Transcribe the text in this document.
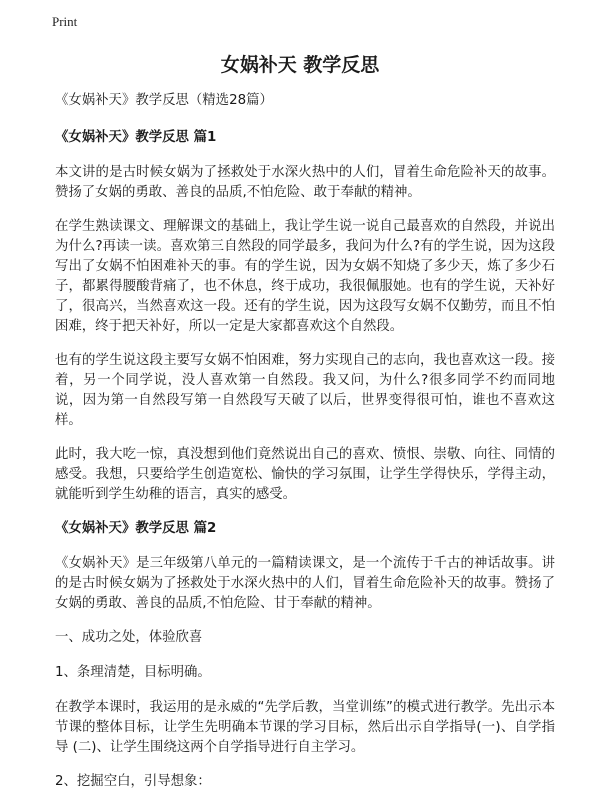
Print
女娲补天 教学反思

《女娲补天》教学反思（精选28篇）

《女娲补天》教学反思 篇1

本文讲的是古时候女娲为了拯救处于水深火热中的人们，冒着生命危险补天的故事。赞扬了女娲的勇敢、善良的品质,不怕危险、敢于奉献的精神。

在学生熟读课文、理解课文的基础上，我让学生说一说自己最喜欢的自然段，并说出为什么?再读一读。喜欢第三自然段的同学最多，我问为什么?有的学生说，因为这段写出了女娲不怕困难补天的事。有的学生说，因为女娲不知烧了多少天，炼了多少石子，都累得腰酸背痛了，也不休息，终于成功，我很佩服她。也有的学生说，天补好了，很高兴，当然喜欢这一段。还有的学生说，因为这段写女娲不仅勤劳，而且不怕困难，终于把天补好，所以一定是大家都喜欢这个自然段。

也有的学生说这段主要写女娲不怕困难，努力实现自己的志向，我也喜欢这一段。接着，另一个同学说，没人喜欢第一自然段。我又问，为什么?很多同学不约而同地说，因为第一自然段写第一自然段写天破了以后，世界变得很可怕，谁也不喜欢这样。

此时，我大吃一惊，真没想到他们竟然说出自己的喜欢、愤恨、崇敬、向往、同情的感受。我想，只要给学生创造宽松、愉快的学习氛围，让学生学得快乐，学得主动，就能听到学生幼稚的语言，真实的感受。

《女娲补天》教学反思 篇2

《女娲补天》是三年级第八单元的一篇精读课文，是一个流传于千古的神话故事。讲的是古时候女娲为了拯救处于水深火热中的人们，冒着生命危险补天的故事。赞扬了女娲的勇敢、善良的品质,不怕危险、甘于奉献的精神。

一、成功之处，体验欣喜

1、条理清楚，目标明确。

在教学本课时，我运用的是永威的“先学后教，当堂训练”的模式进行教学。先出示本节课的整体目标，让学生先明确本节课的学习目标，然后出示自学指导(一)、自学指导 (二)、让学生围绕这两个自学指导进行自主学习。

2、挖掘空白，引导想象：
